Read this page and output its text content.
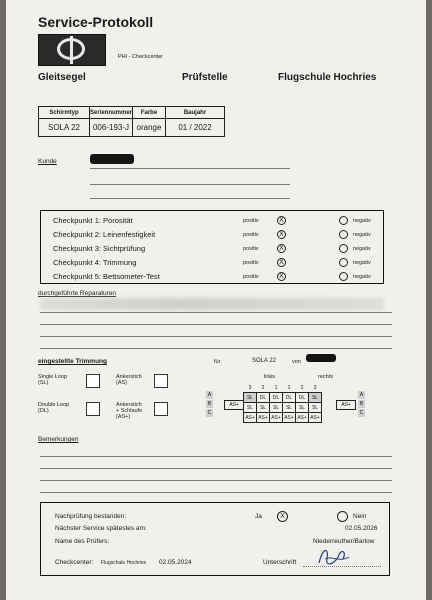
Service-Protokoll
PHI - Checkcenter
Gleitsegel	Prüfstelle	Flugschule Hochries
Schirmtyp	Seriennummer	Farbe	Baujahr
SOLA 22	006-193-J	orange	01 / 2022
Kunde
Checkpunkt 1: Porosität	positiv	X	negativ
Checkpunkt 2: Leinenfestigkeit	positiv	X	negativ
Checkpunkt 3: Sichtprüfung	positiv	X	negativ
Checkpunkt 4: Trimmung	positiv	X	negativ
Checkpunkt 5: Bettsometer-Test	positiv	X	negativ
durchgeführte Reparaturen
eingestellte Trimmung	für	SOLA 22	von
Single Loop
(SL)
Ankerstich
(AS)
Double Loop
(DL)
Ankerstich
+ Schlaufe
(AS+)
links	rechts
A
B
C
A
B
C
AS+	AS+
3	2	1	1	2	3
SL	DL	DL	DL	DL	SL
SL	SL	SL	SL	SL	SL
AS+	AS+	AS+	AS+	AS+	AS+
Bemerkungen
Nachprüfung bestanden:	Ja	X	Nein
Nächster Service spätestes am:	02.05.2026
Name des Prüfers:	Niederreuther/Barlow
Checkcenter: Flugschule Hochries 02.05.2024	Unterschrift
